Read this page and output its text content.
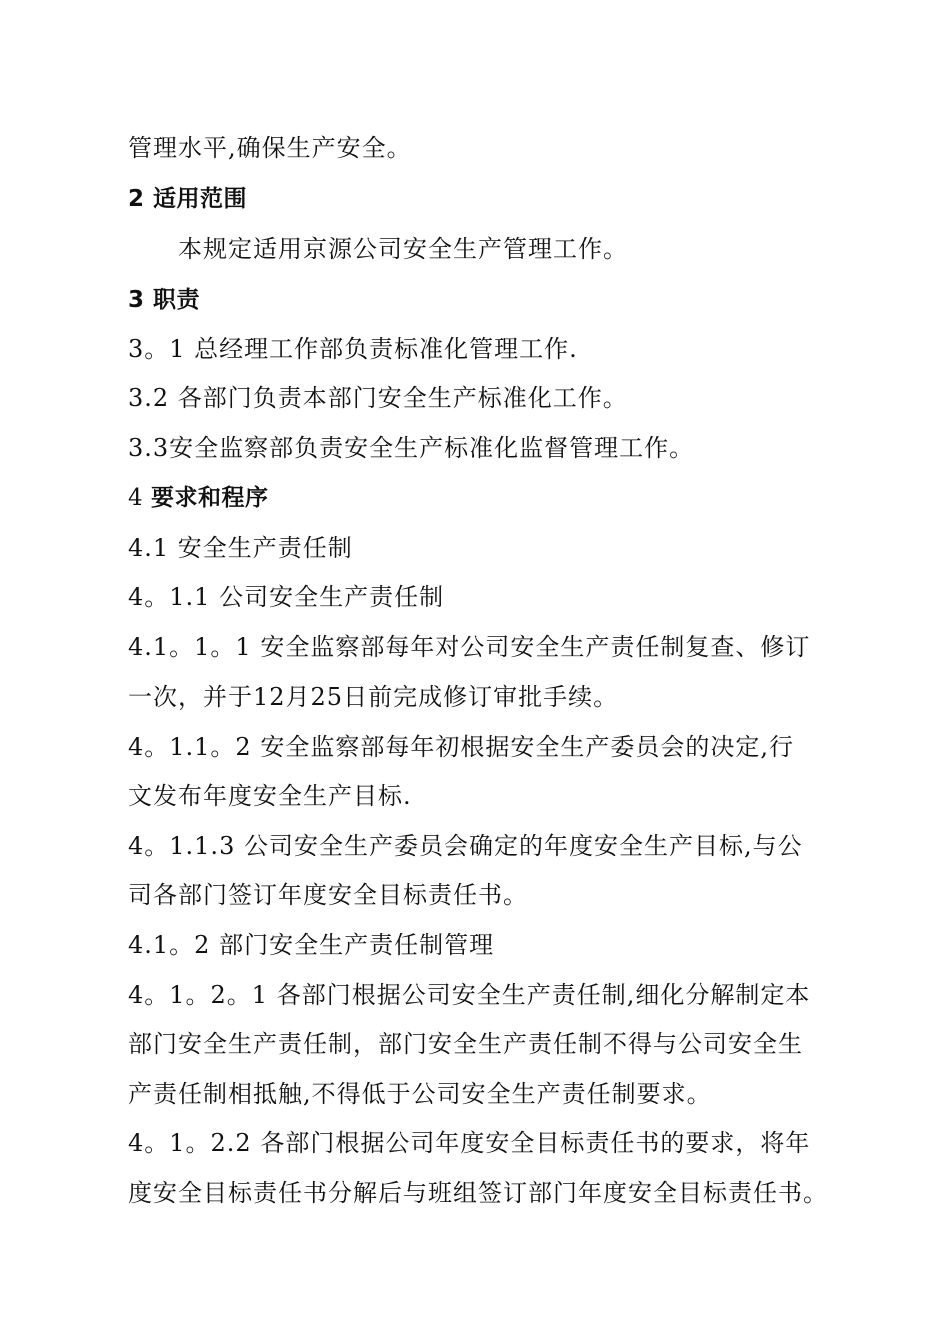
管理水平,确保生产安全。
2 适用范围
本规定适用京源公司安全生产管理工作。
3 职责
3。1 总经理工作部负责标准化管理工作.
3.2 各部门负责本部门安全生产标准化工作。
3.3安全监察部负责安全生产标准化监督管理工作。
4 要求和程序
4.1 安全生产责任制
4。1.1 公司安全生产责任制
4.1。1。1 安全监察部每年对公司安全生产责任制复查、修订
一次，并于12月25日前完成修订审批手续。
4。1.1。2 安全监察部每年初根据安全生产委员会的决定,行
文发布年度安全生产目标.
4。1.1.3 公司安全生产委员会确定的年度安全生产目标,与公
司各部门签订年度安全目标责任书。
4.1。2 部门安全生产责任制管理
4。1。2。1 各部门根据公司安全生产责任制,细化分解制定本
部门安全生产责任制，部门安全生产责任制不得与公司安全生
产责任制相抵触,不得低于公司安全生产责任制要求。
4。1。2.2 各部门根据公司年度安全目标责任书的要求，将年
度安全目标责任书分解后与班组签订部门年度安全目标责任书。
